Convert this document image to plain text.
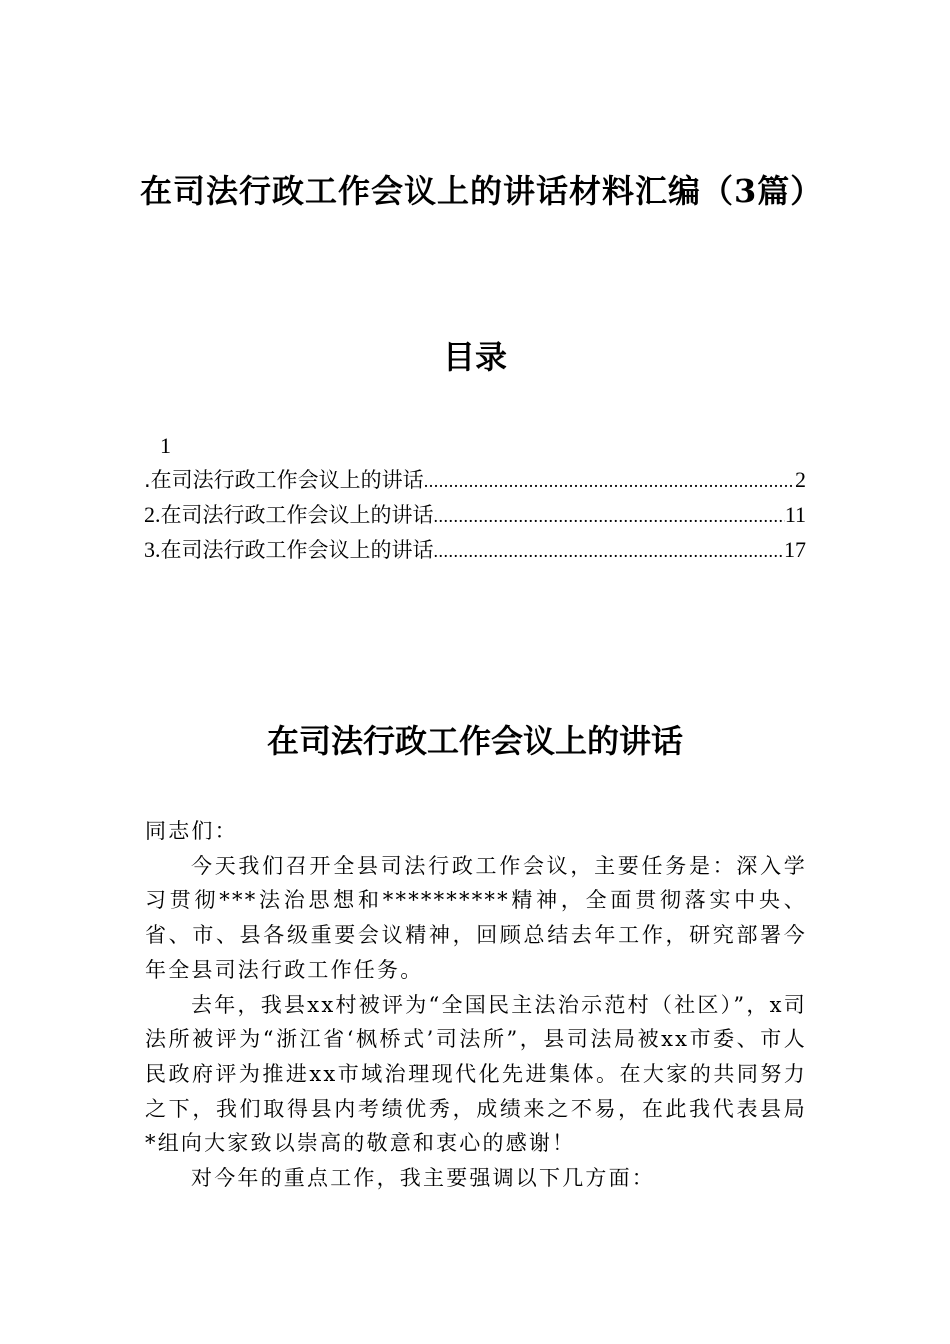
在司法行政工作会议上的讲话材料汇编（3篇）
目录
1
.在司法行政工作会议上的讲话 .....	2
2. 在司法行政工作会议上的讲话 .....	11
3. 在司法行政工作会议上的讲话 .....	17
在司法行政工作会议上的讲话

同志们：

今天我们召开全县司法行政工作会议，主要任务是：深入学习贯彻***法治思想和**********精神，全面贯彻落实中央、省、市、县各级重要会议精神，回顾总结去年工作，研究部署今年全县司法行政工作任务。

去年，我县xx村被评为“全国民主法治示范村（社区）”，x司法所被评为“浙江省‘枫桥式’司法所”，县司法局被xx市委、市人民政府评为推进xx市域治理现代化先进集体。在大家的共同努力之下，我们取得县内考绩优秀，成绩来之不易，在此我代表县局*组向大家致以崇高的敬意和衷心的感谢！

对今年的重点工作，我主要强调以下几方面：
